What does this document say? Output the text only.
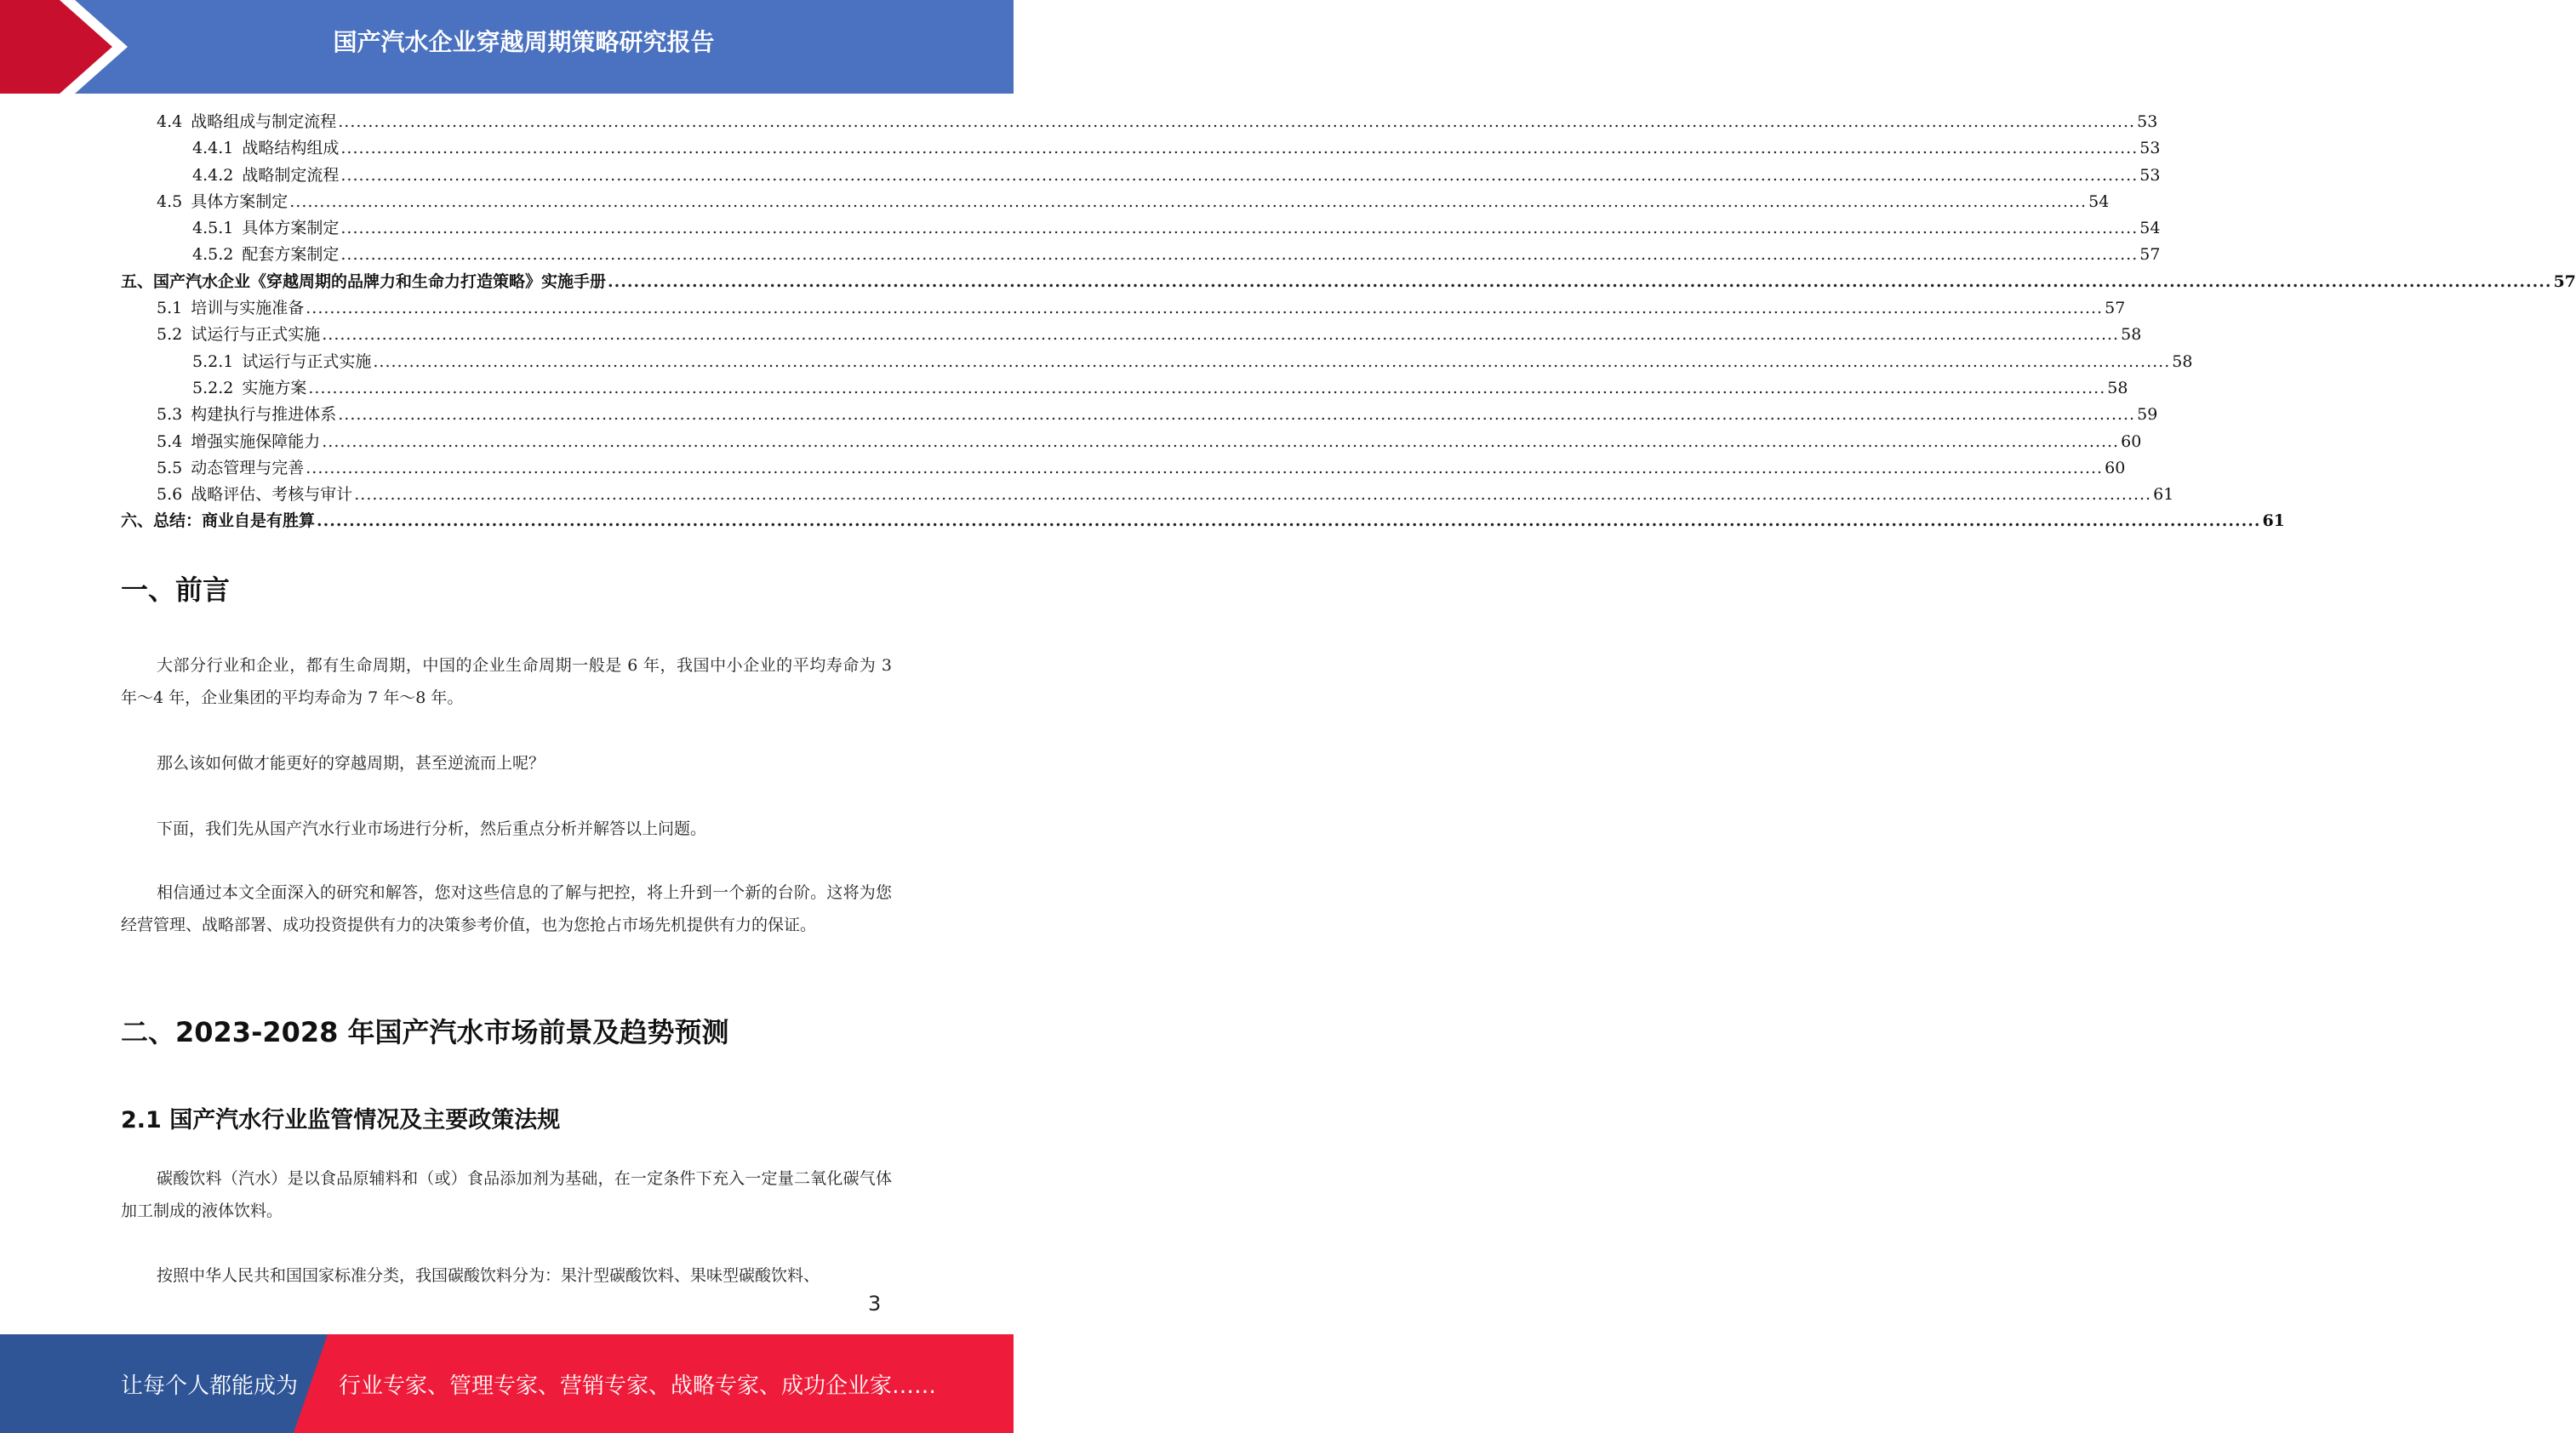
国产汽水企业穿越周期策略研究报告
4.4 战略组成与制定流程 ............................................................................................................................................................................................................................................................................................................ 53
4.4.1 战略结构组成 ............................................................................................................................................................................................................................................................................................................ 53
4.4.2 战略制定流程 ............................................................................................................................................................................................................................................................................................................ 53
4.5 具体方案制定 ............................................................................................................................................................................................................................................................................................................ 54
4.5.1 具体方案制定 ............................................................................................................................................................................................................................................................................................................ 54
4.5.2 配套方案制定 ............................................................................................................................................................................................................................................................................................................ 57
五、国产汽水企业《穿越周期的品牌力和生命力打造策略》实施手册 ............................................................................................................................................................................................................................................................................................................ 57
5.1 培训与实施准备 ............................................................................................................................................................................................................................................................................................................ 57
5.2 试运行与正式实施 ............................................................................................................................................................................................................................................................................................................ 58
5.2.1 试运行与正式实施 ............................................................................................................................................................................................................................................................................................................ 58
5.2.2 实施方案 ............................................................................................................................................................................................................................................................................................................ 58
5.3 构建执行与推进体系 ............................................................................................................................................................................................................................................................................................................ 59
5.4 增强实施保障能力 ............................................................................................................................................................................................................................................................................................................ 60
5.5 动态管理与完善 ............................................................................................................................................................................................................................................................................................................ 60
5.6 战略评估、考核与审计 ............................................................................................................................................................................................................................................................................................................ 61
六、总结：商业自是有胜算 ............................................................................................................................................................................................................................................................................................................ 61
一、前言

大部分行业和企业，都有生命周期，中国的企业生命周期一般是 6 年，我国中小企业的平均寿命为 3 年～4 年，企业集团的平均寿命为 7 年～8 年。

那么该如何做才能更好的穿越周期，甚至逆流而上呢？

下面，我们先从国产汽水行业市场进行分析，然后重点分析并解答以上问题。

相信通过本文全面深入的研究和解答，您对这些信息的了解与把控，将上升到一个新的台阶。这将为您经营管理、战略部署、成功投资提供有力的决策参考价值，也为您抢占市场先机提供有力的保证。

二、2023-2028 年国产汽水市场前景及趋势预测
2.1 国产汽水行业监管情况及主要政策法规

碳酸饮料（汽水）是以食品原辅料和（或）食品添加剂为基础，在一定条件下充入一定量二氧化碳气体加工制成的液体饮料。

按照中华人民共和国国家标准分类，我国碳酸饮料分为：果汁型碳酸饮料、果味型碳酸饮料、

3
让每个人都能成为 行业专家、管理专家、营销专家、战略专家、成功企业家……
